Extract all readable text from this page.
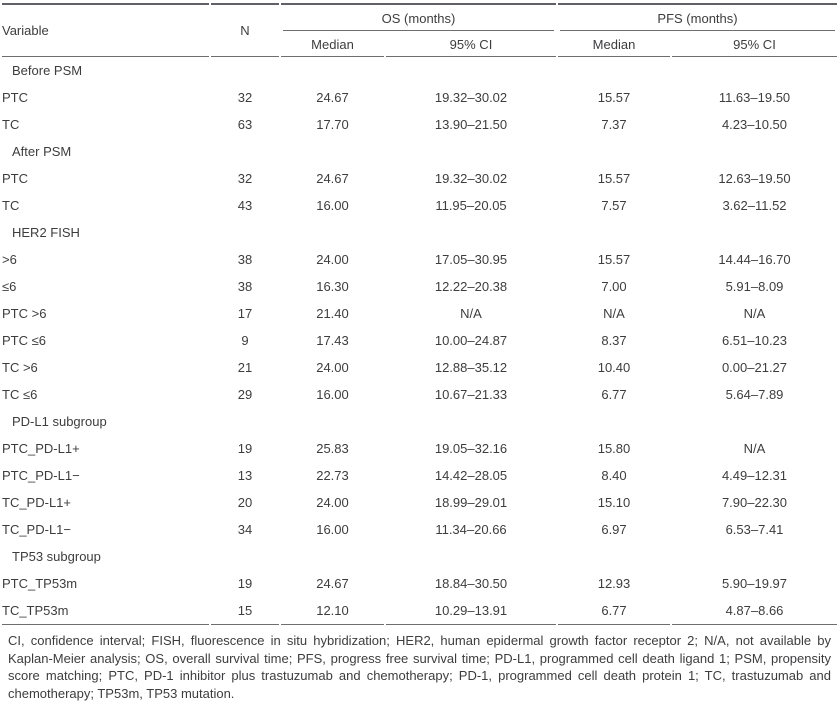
Variable	N	OS (months)		PFS (months)	

		Median	95% CI	Median	95% CI
Before PSM					
PTC	32	24.67	19.32–30.02	15.57	11.63–19.50
TC	63	17.70	13.90–21.50	7.37	4.23–10.50
After PSM					
PTC	32	24.67	19.32–30.02	15.57	12.63–19.50
TC	43	16.00	11.95–20.05	7.57	3.62–11.52
HER2 FISH					
>6	38	24.00	17.05–30.95	15.57	14.44–16.70
≤6	38	16.30	12.22–20.38	7.00	5.91–8.09
PTC >6	17	21.40	N/A	N/A	N/A
PTC ≤6	9	17.43	10.00–24.87	8.37	6.51–10.23
TC >6	21	24.00	12.88–35.12	10.40	0.00–21.27
TC ≤6	29	16.00	10.67–21.33	6.77	5.64–7.89
PD-L1 subgroup					
PTC_PD-L1+	19	25.83	19.05–32.16	15.80	N/A
PTC_PD-L1−	13	22.73	14.42–28.05	8.40	4.49–12.31
TC_PD-L1+	20	24.00	18.99–29.01	15.10	7.90–22.30
TC_PD-L1−	34	16.00	11.34–20.66	6.97	6.53–7.41
TP53 subgroup					
PTC_TP53m	19	24.67	18.84–30.50	12.93	5.90–19.97
TC_TP53m	15	12.10	10.29–13.91	6.77	4.87–8.66
CI, confidence interval; FISH, fluorescence in situ hybridization; HER2, human epidermal growth factor receptor 2; N/A, not available by Kaplan-Meier analysis; OS, overall survival time; PFS, progress free survival time; PD-L1, programmed cell death ligand 1; PSM, propensity score matching; PTC, PD-1 inhibitor plus trastuzumab and chemotherapy; PD-1, programmed cell death protein 1; TC, trastuzumab and chemotherapy; TP53m, TP53 mutation.
